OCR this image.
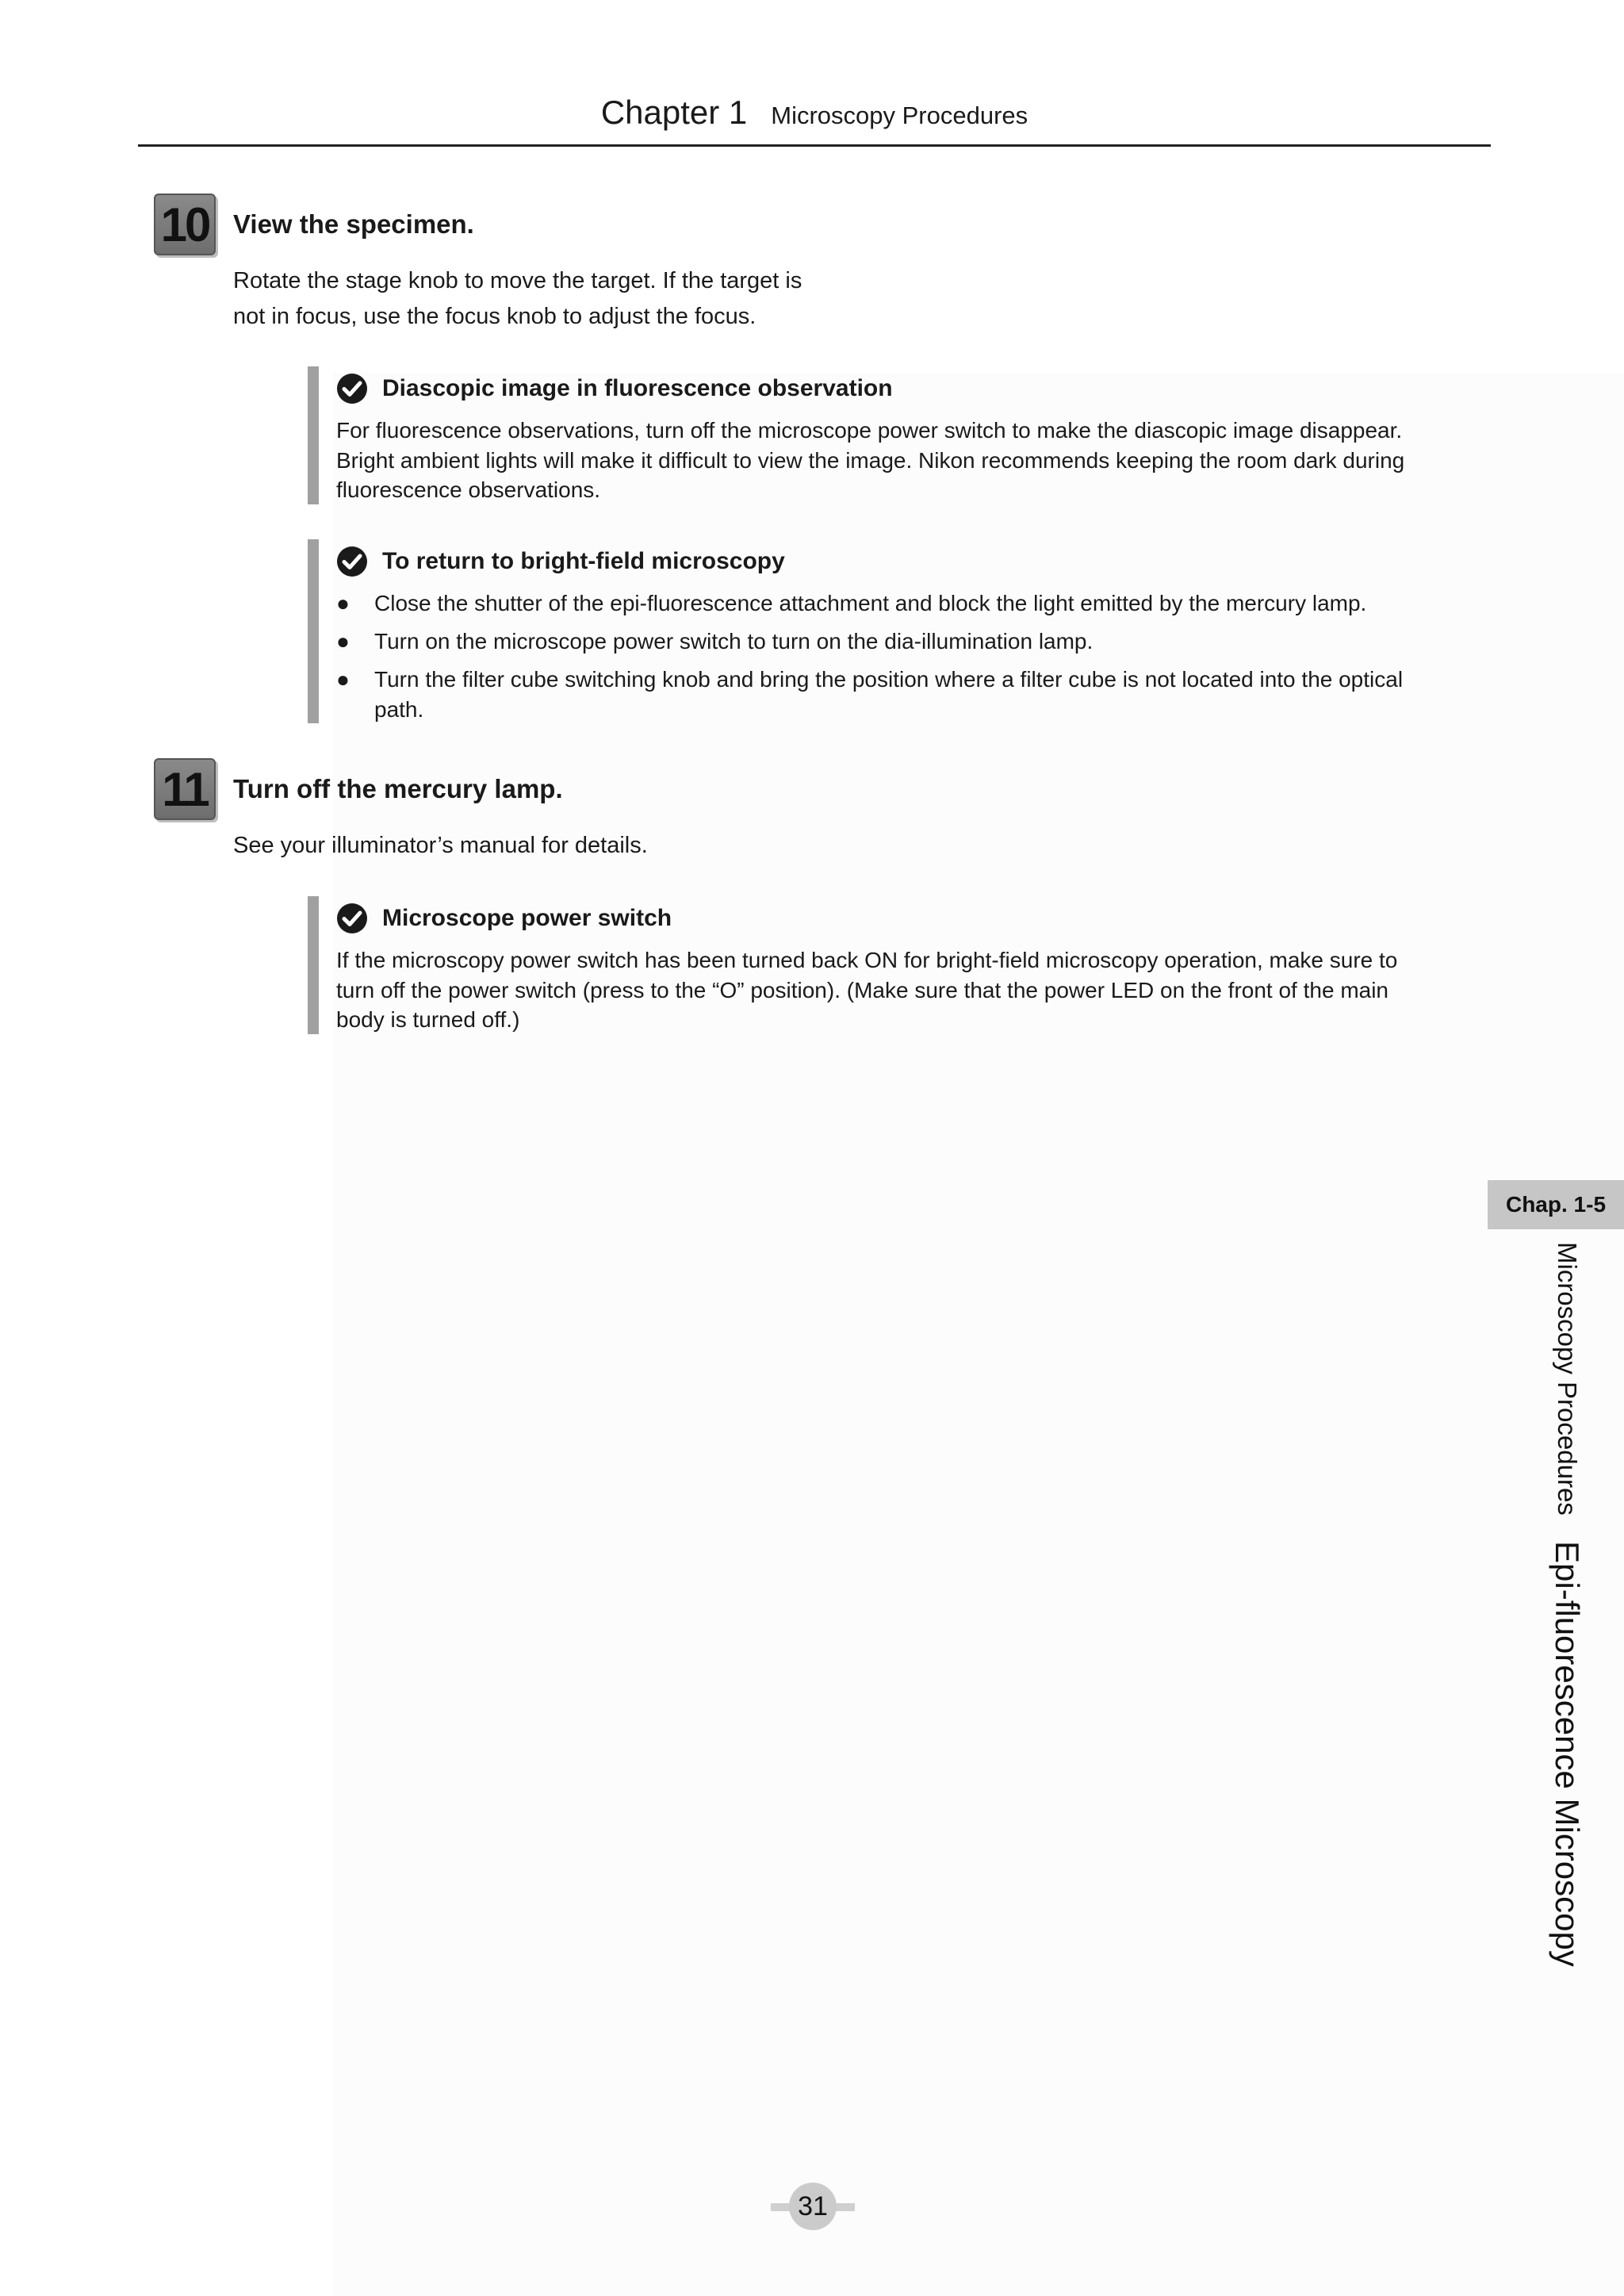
Chapter 1 Microscopy Procedures
10 View the specimen.
Rotate the stage knob to move the target. If the target is
not in focus, use the focus knob to adjust the focus.
Diascopic image in fluorescence observation
For fluorescence observations, turn off the microscope power switch to make the diascopic image disappear.
Bright ambient lights will make it difficult to view the image. Nikon recommends keeping the room dark during
fluorescence observations.
To return to bright-field microscopy
● Close the shutter of the epi-fluorescence attachment and block the light emitted by the mercury lamp.
● Turn on the microscope power switch to turn on the dia-illumination lamp.
● Turn the filter cube switching knob and bring the position where a filter cube is not located into the optical
path.
11 Turn off the mercury lamp.
See your illuminator’s manual for details.
Microscope power switch
If the microscopy power switch has been turned back ON for bright-field microscopy operation, make sure to
turn off the power switch (press to the “O” position). (Make sure that the power LED on the front of the main
body is turned off.)
Chap. 1-5
Microscopy ProceduresEpi-fluorescence Microscopy
31
